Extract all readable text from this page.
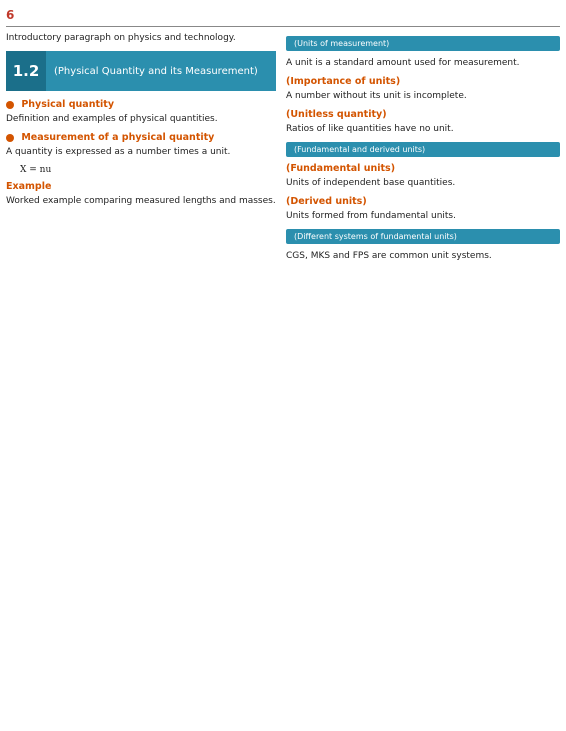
6

Introductory paragraph on physics and technology.

1.2	(Physical Quantity and its Measurement)
Physical quantity

Definition and examples of physical quantities.

Measurement of a physical quantity

A quantity is expressed as a number times a unit.

X = nu
Example

Worked example comparing measured lengths and masses.

(Units of measurement)

A unit is a standard amount used for measurement.

(Importance of units)

A number without its unit is incomplete.

(Unitless quantity)

Ratios of like quantities have no unit.

(Fundamental and derived units)
(Fundamental units)

Units of independent base quantities.

(Derived units)

Units formed from fundamental units.

(Different systems of fundamental units)

CGS, MKS and FPS are common unit systems.
